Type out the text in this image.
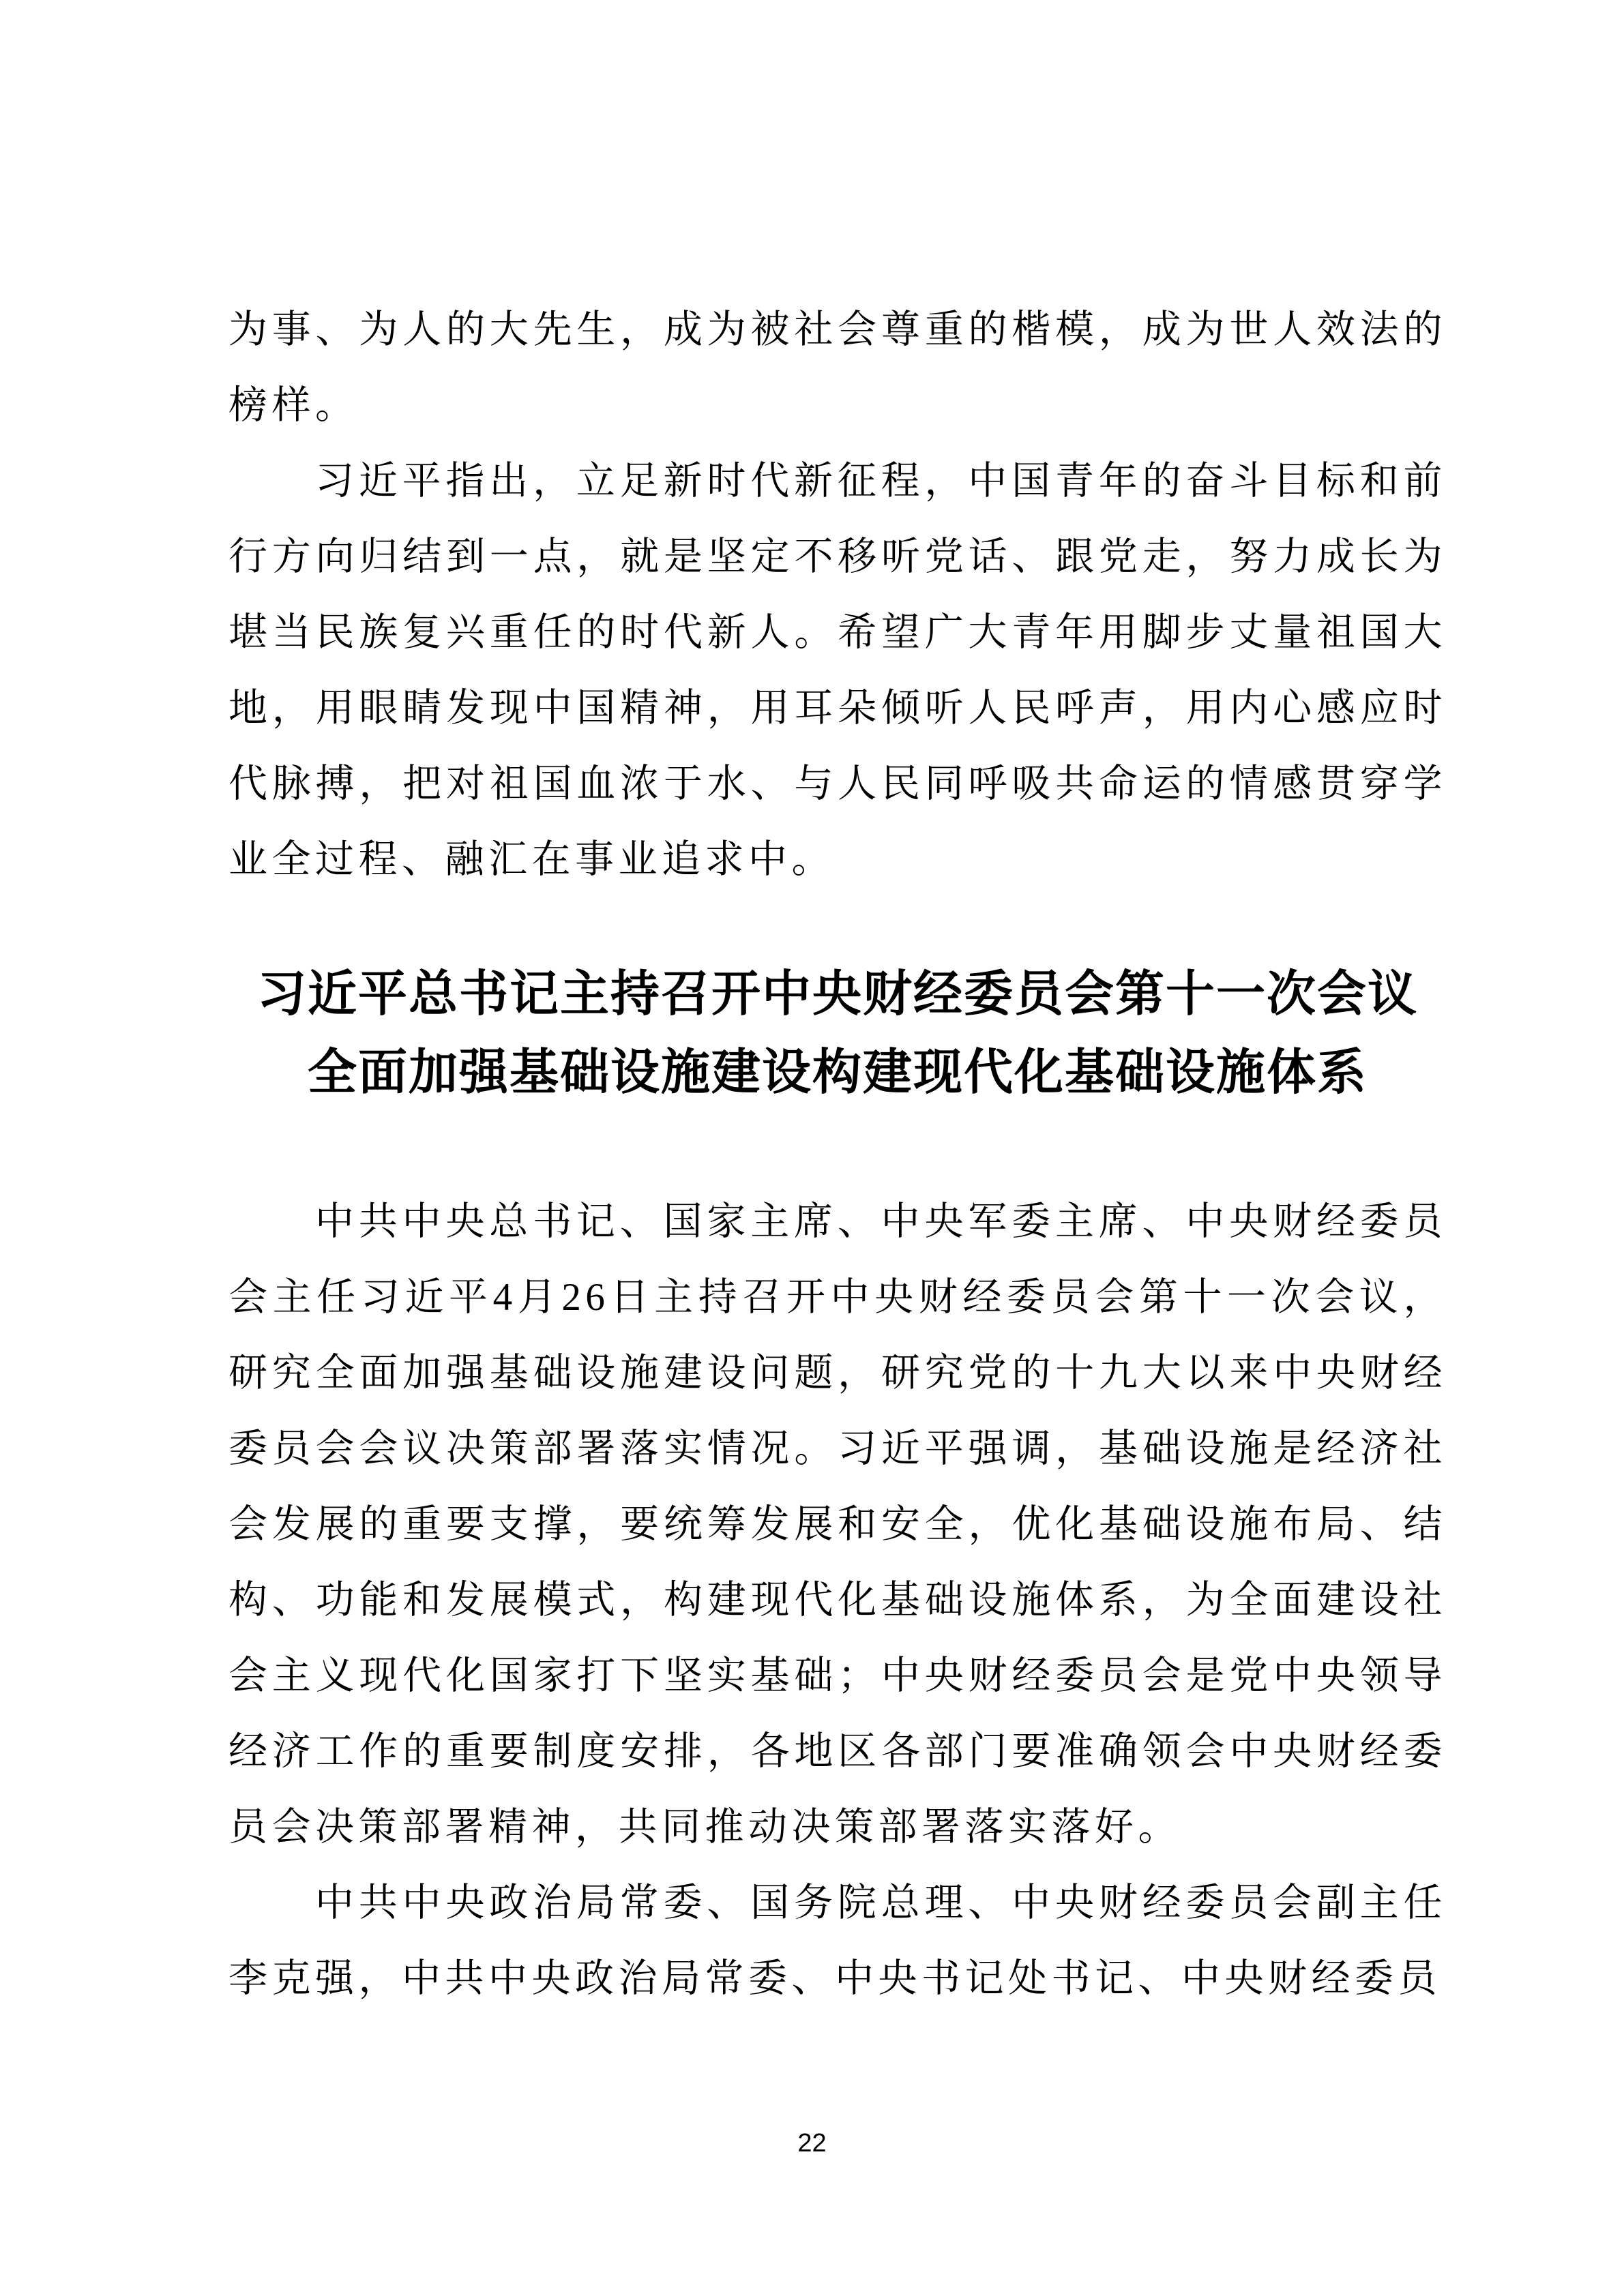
为事、为人的大先生，成为被社会尊重的楷模，成为世人效法的榜样。

习近平指出，立足新时代新征程，中国青年的奋斗目标和前行方向归结到一点，就是坚定不移听党话、跟党走，努力成长为堪当民族复兴重任的时代新人。希望广大青年用脚步丈量祖国大地，用眼睛发现中国精神，用耳朵倾听人民呼声，用内心感应时代脉搏，把对祖国血浓于水、与人民同呼吸共命运的情感贯穿学业全过程、融汇在事业追求中。

习近平总书记主持召开中央财经委员会第十一次会议
全面加强基础设施建设构建现代化基础设施体系

中共中央总书记、国家主席、中央军委主席、中央财经委员会主任习近平4月26日主持召开中央财经委员会第十一次会议，研究全面加强基础设施建设问题，研究党的十九大以来中央财经委员会会议决策部署落实情况。习近平强调，基础设施是经济社会发展的重要支撑，要统筹发展和安全，优化基础设施布局、结构、功能和发展模式，构建现代化基础设施体系，为全面建设社会主义现代化国家打下坚实基础；中央财经委员会是党中央领导经济工作的重要制度安排，各地区各部门要准确领会中央财经委员会决策部署精神，共同推动决策部署落实落好。

中共中央政治局常委、国务院总理、中央财经委员会副主任李克强，中共中央政治局常委、中央书记处书记、中央财经委员

22
